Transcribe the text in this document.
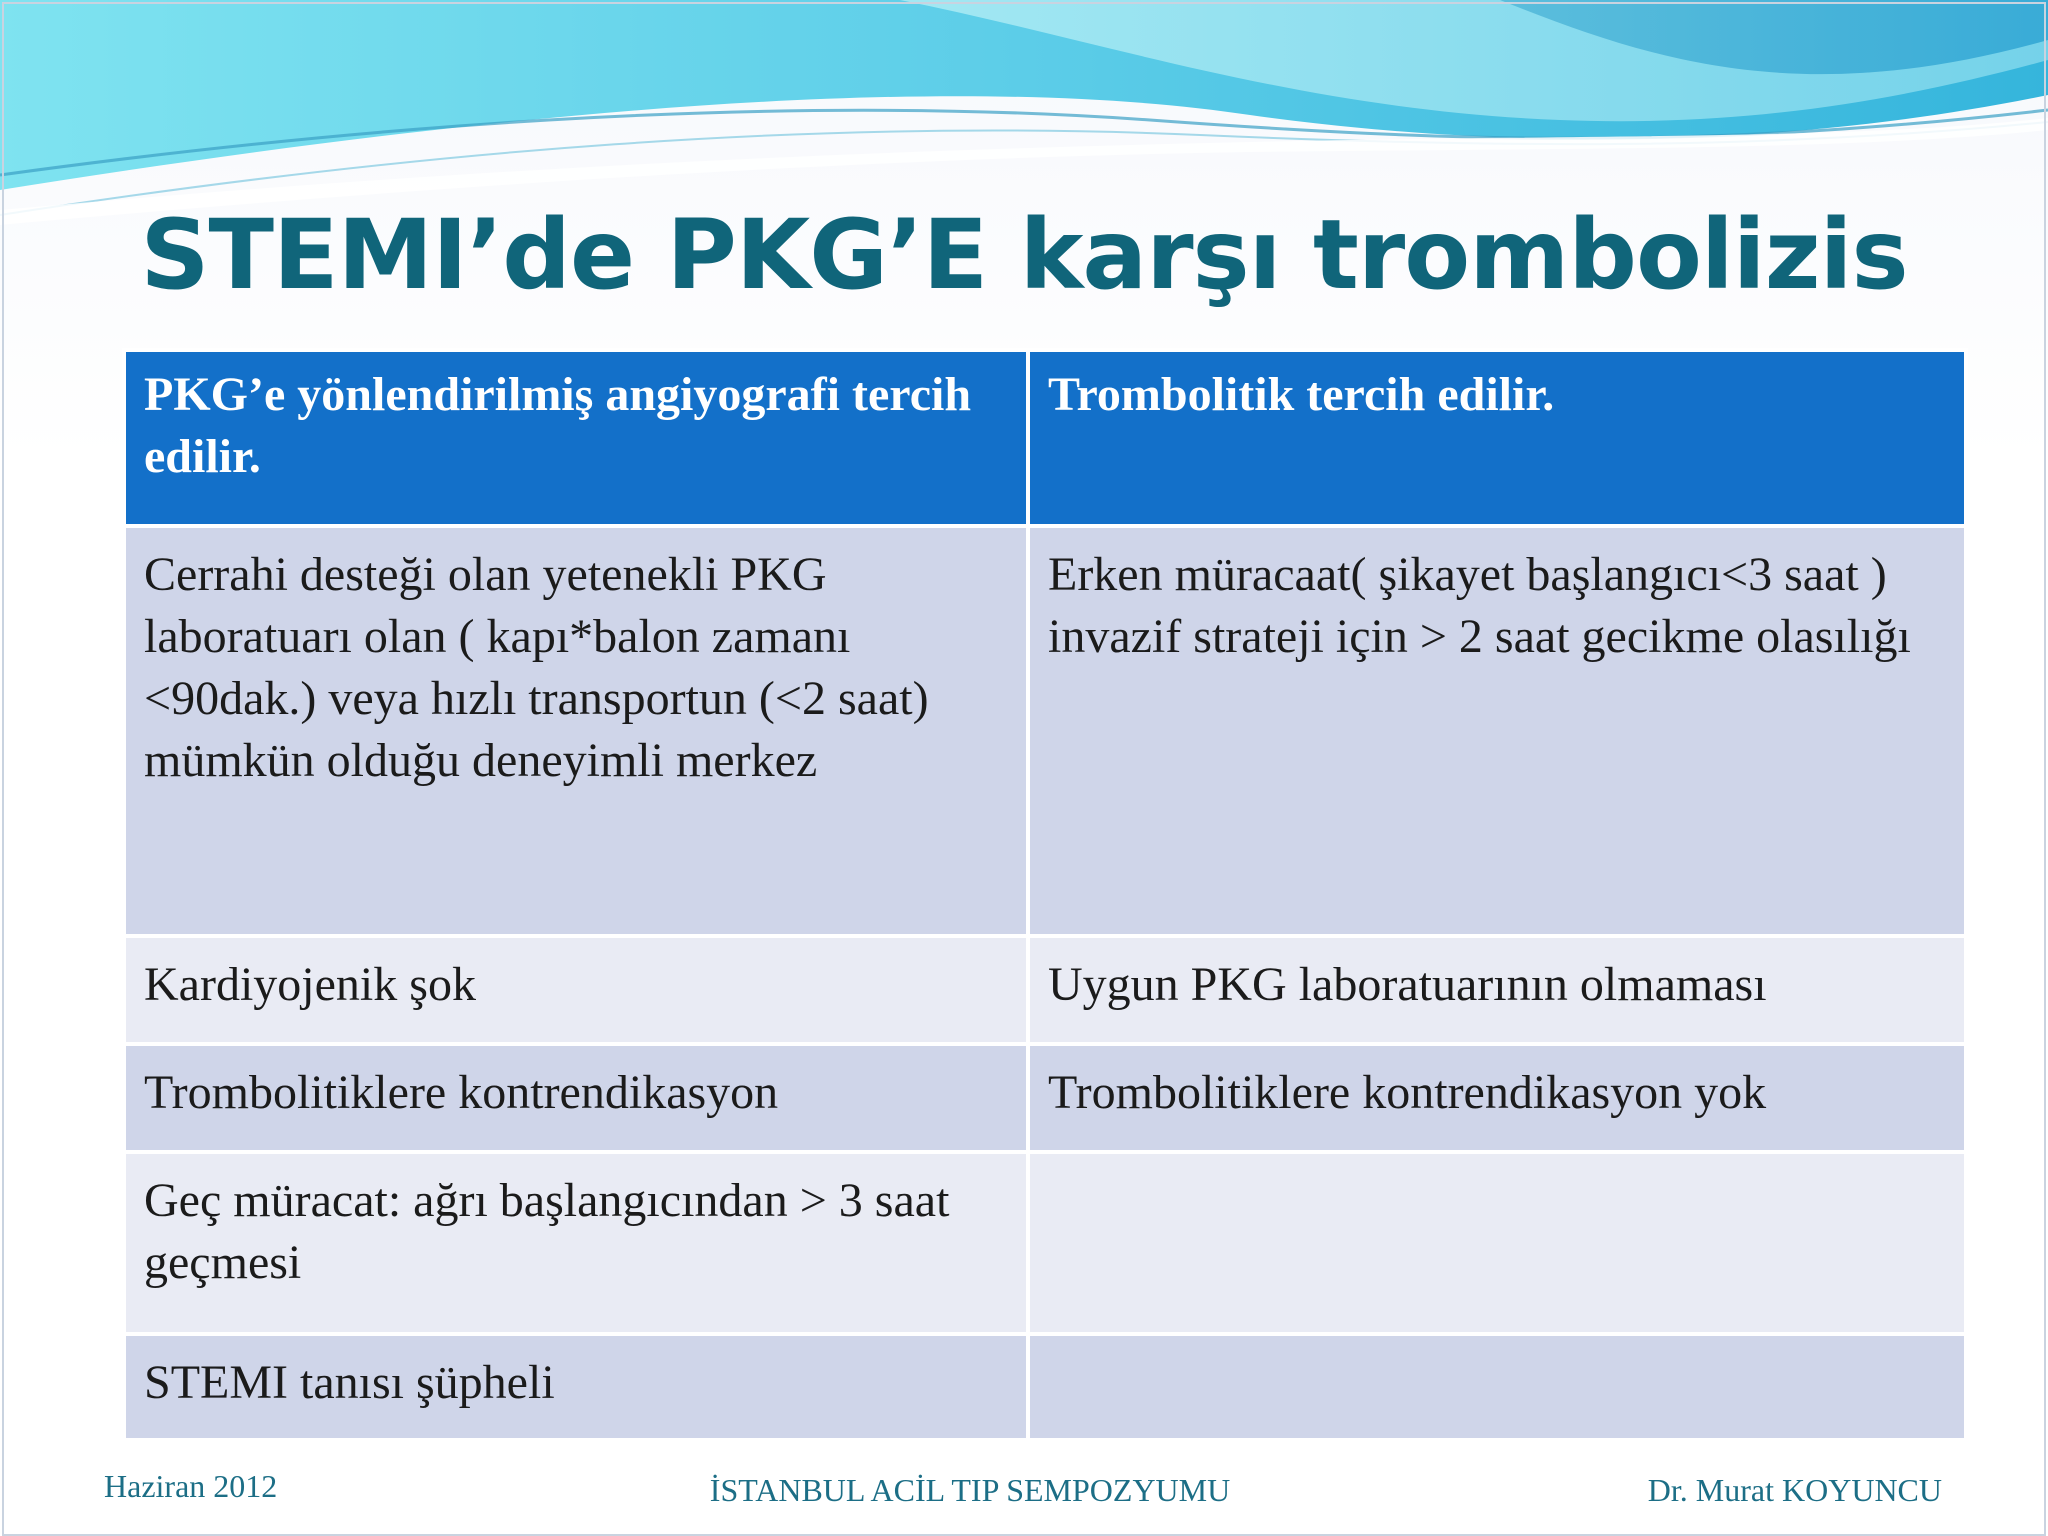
STEMI’de PKG’E karşı trombolizis
PKG’e yönlendirilmiş angiyografi tercih edilir.	Trombolitik tercih edilir.
Cerrahi desteği olan yetenekli PKG laboratuarı olan ( kapı*balon zamanı <90dak.) veya hızlı transportun (<2 saat) mümkün olduğu deneyimli merkez	Erken müracaat( şikayet başlangıcı<3 saat ) invazif strateji için > 2 saat gecikme olasılığı
Kardiyojenik şok	Uygun PKG laboratuarının olmaması
Trombolitiklere kontrendikasyon	Trombolitiklere kontrendikasyon yok
Geç müracat: ağrı başlangıcından > 3 saat geçmesi	
STEMI tanısı şüpheli	
Haziran 2012	İSTANBUL ACİL TIP SEMPOZYUMU	Dr. Murat KOYUNCU
